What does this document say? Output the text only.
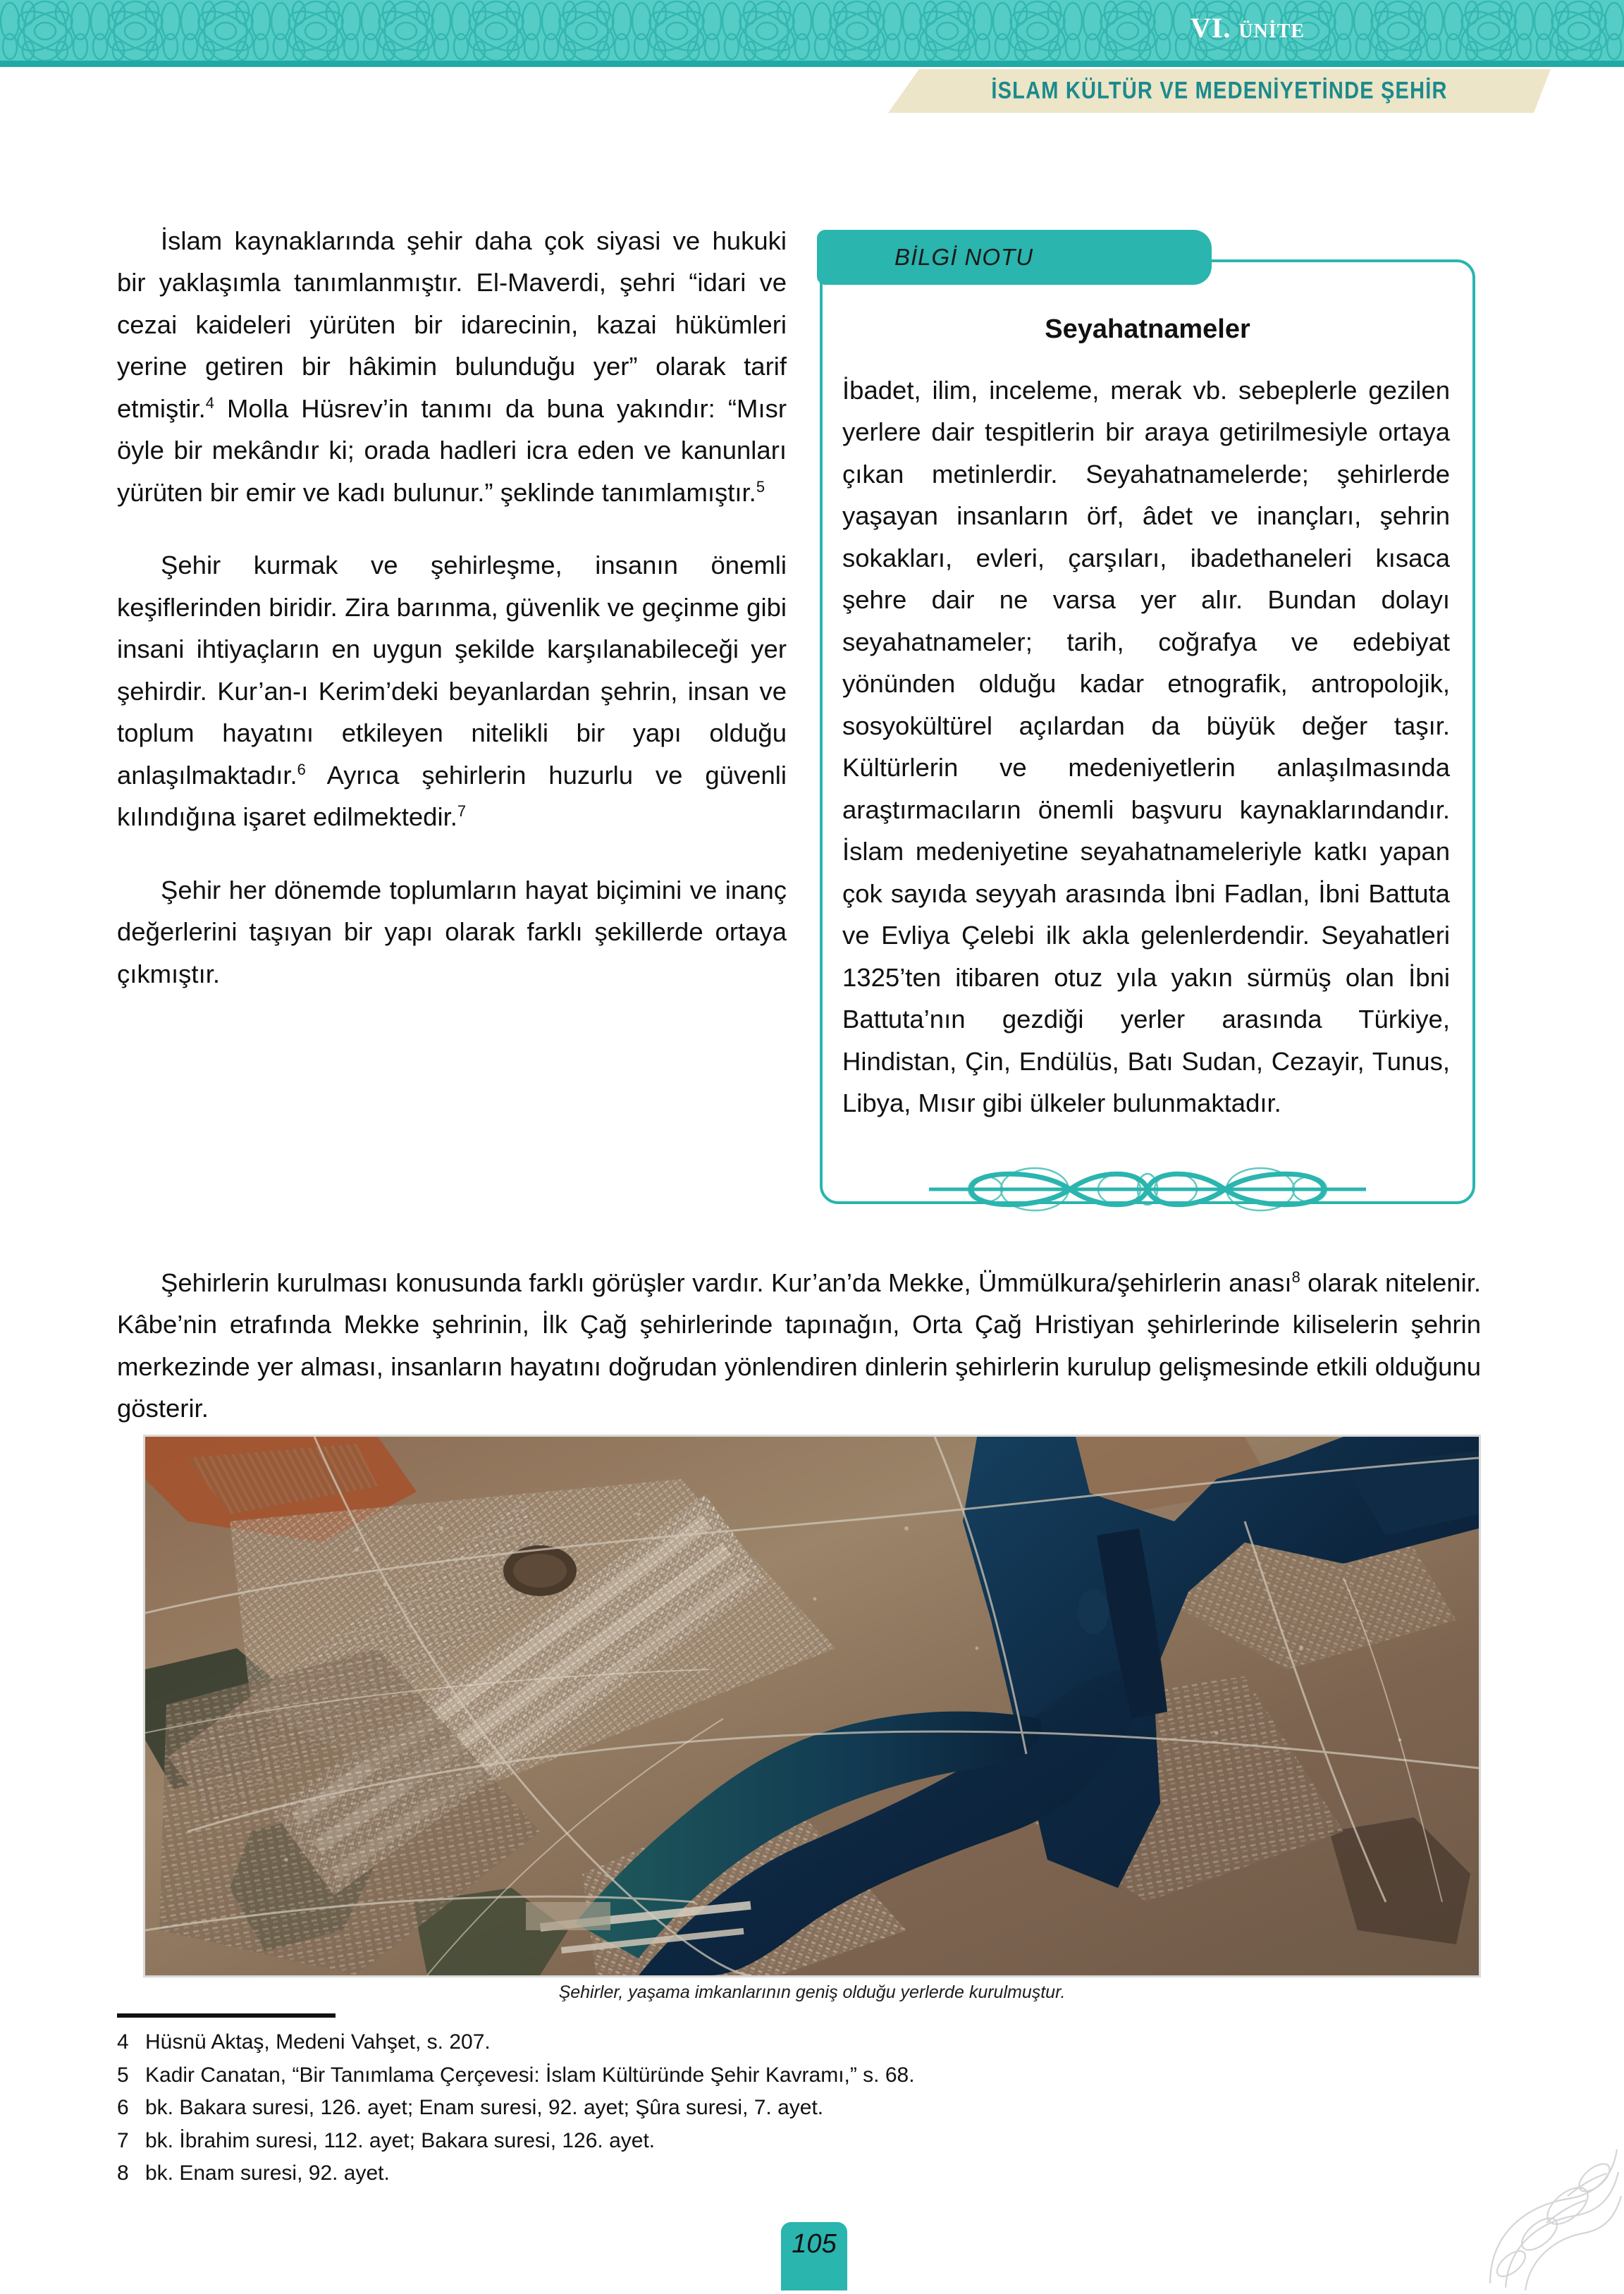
VI. ÜNİTE
İSLAM KÜLTÜR VE MEDENİYETİNDE ŞEHİR

İslam kaynaklarında şehir daha çok siyasi ve hukuki bir yaklaşımla tanımlanmıştır. El-Maverdi, şehri “idari ve cezai kaideleri yürüten bir idarecinin, kazai hükümleri yerine getiren bir hâkimin bulunduğu yer” olarak tarif etmiştir.$^4$ Molla Hüsrev’in tanımı da buna yakındır: “Mısr öyle bir mekândır ki; orada hadleri icra eden ve kanunları yürüten bir emir ve kadı bulunur.” şeklinde tanımlamıştır.$^5$

Şehir kurmak ve şehirleşme, insanın önemli keşiflerinden biridir. Zira barınma, güvenlik ve geçinme gibi insani ihtiyaçların en uygun şekilde karşılanabileceği yer şehirdir. Kur’an-ı Kerim’deki beyanlardan şehrin, insan ve toplum hayatını etkileyen nitelikli bir yapı olduğu anlaşılmaktadır.$^6$ Ayrıca şehirlerin huzurlu ve güvenli kılındığına işaret edilmektedir.$^7$

Şehir her dönemde toplumların hayat biçimini ve inanç değerlerini taşıyan bir yapı olarak farklı şekillerde ortaya çıkmıştır.

BİLGİ NOTU
Seyahatnameler
İbadet, ilim, inceleme, merak vb. sebeplerle gezilen yerlere dair tespitlerin bir araya getirilmesiyle ortaya çıkan metinlerdir. Seyahatnamelerde; şehirlerde yaşayan insanların örf, âdet ve inançları, şehrin sokakları, evleri, çarşıları, ibadethaneleri kısaca şehre dair ne varsa yer alır. Bundan dolayı seyahatnameler; tarih, coğrafya ve edebiyat yönünden olduğu kadar etnografik, antropolojik, sosyokültürel açılardan da büyük değer taşır. Kültürlerin ve medeniyetlerin anlaşılmasında araştırmacıların önemli başvuru kaynaklarındandır. İslam medeniyetine seyahatnameleriyle katkı yapan çok sayıda seyyah arasında İbni Fadlan, İbni Battuta ve Evliya Çelebi ilk akla gelenlerdendir. Seyahatleri 1325’ten itibaren otuz yıla yakın sürmüş olan İbni Battuta’nın gezdiği yerler arasında Türkiye, Hindistan, Çin, Endülüs, Batı Sudan, Cezayir, Tunus, Libya, Mısır gibi ülkeler bulunmaktadır.

Şehirlerin kurulması konusunda farklı görüşler vardır. Kur’an’da Mekke, Ümmülkura/şehirlerin anası$^8$ olarak nitelenir. Kâbe’nin etrafında Mekke şehrinin, İlk Çağ şehirlerinde tapınağın, Orta Çağ Hristiyan şehirlerinde kiliselerin şehrin merkezinde yer alması, insanların hayatını doğrudan yönlendiren dinlerin şehirlerin kurulup gelişmesinde etkili olduğunu gösterir.

Şehirler, yaşama imkanlarının geniş olduğu yerlerde kurulmuştur.
4 Hüsnü Aktaş, Medeni Vahşet, s. 207.
5 Kadir Canatan, “Bir Tanımlama Çerçevesi: İslam Kültüründe Şehir Kavramı,” s. 68.
6 bk. Bakara suresi, 126. ayet; Enam suresi, 92. ayet; Şûra suresi, 7. ayet.
7 bk. İbrahim suresi, 112. ayet; Bakara suresi, 126. ayet.
8 bk. Enam suresi, 92. ayet.
105
